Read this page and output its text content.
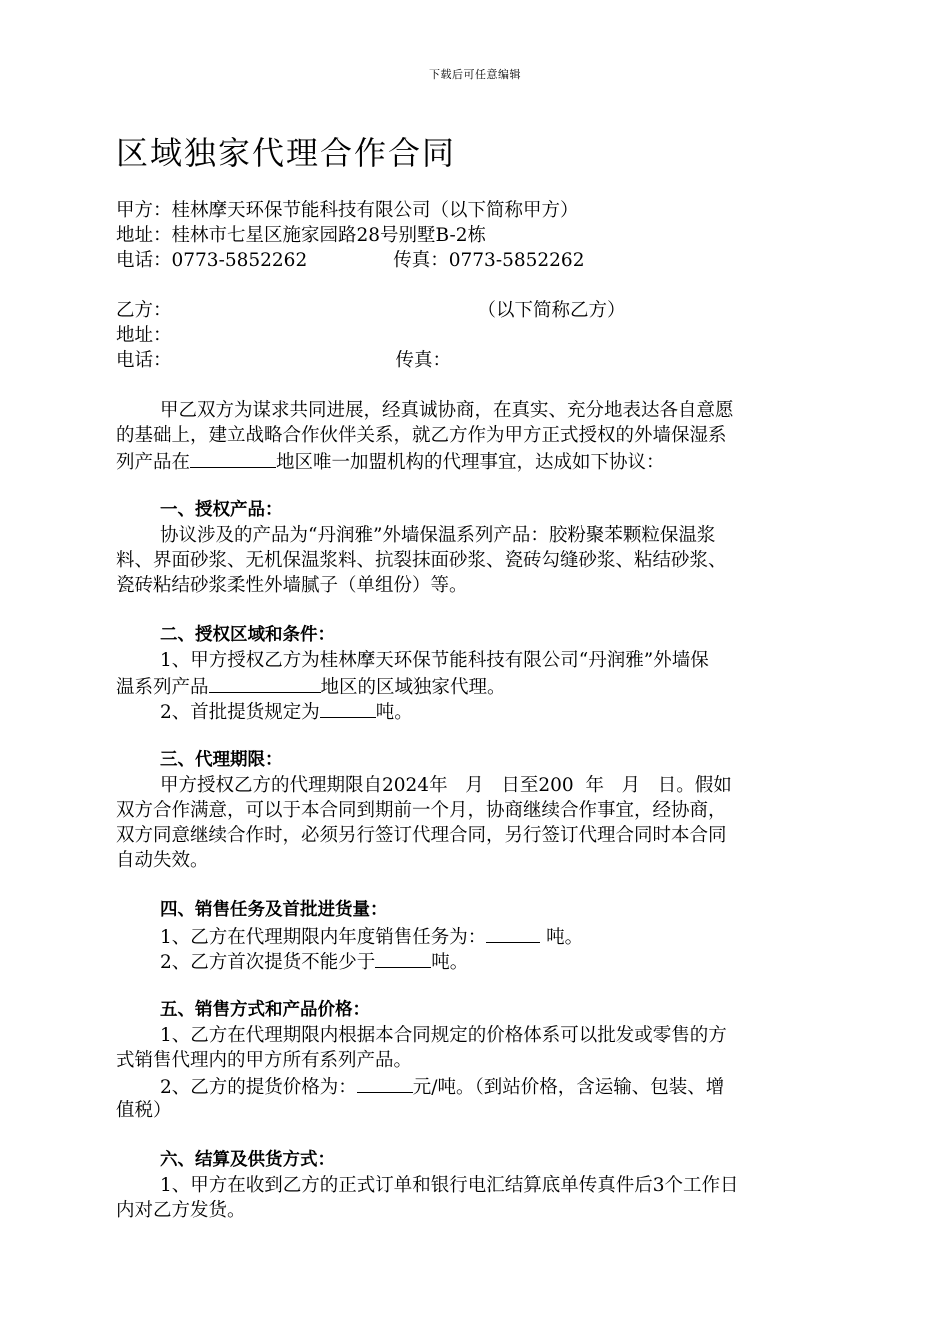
下载后可任意编辑
区域独家代理合作合同
甲方：桂林摩天环保节能科技有限公司（以下简称甲方）
地址：桂林市七星区施家园路28号别墅B-2栋
电话：0773-5852262	传真：0773-5852262
乙方：	（以下简称乙方）
地址：
电话：	传真：
甲乙双方为谋求共同进展，经真诚协商，在真实、充分地表达各自意愿
的基础上，建立战略合作伙伴关系，就乙方作为甲方正式授权的外墙保湿系
列产品在	地区唯一加盟机构的代理事宜，达成如下协议：
一、授权产品：
协议涉及的产品为“丹润雅”外墙保温系列产品：胶粉聚苯颗粒保温浆
料、界面砂浆、无机保温浆料、抗裂抹面砂浆、瓷砖勾缝砂浆、粘结砂浆、
瓷砖粘结砂浆柔性外墙腻子（单组份）等。
二、授权区域和条件：
1、甲方授权乙方为桂林摩天环保节能科技有限公司“丹润雅”外墙保
温系列产品	地区的区域独家代理。
2、首批提货规定为	吨。
三、代理期限：
甲方授权乙方的代理期限自2024年   月   日至200  年   月   日。假如
双方合作满意，可以于本合同到期前一个月，协商继续合作事宜，经协商，
双方同意继续合作时，必须另行签订代理合同，另行签订代理合同时本合同
自动失效。
四、销售任务及首批进货量：
1、乙方在代理期限内年度销售任务为：	吨。
2、乙方首次提货不能少于	吨。
五、销售方式和产品价格：
1、乙方在代理期限内根据本合同规定的价格体系可以批发或零售的方
式销售代理内的甲方所有系列产品。
2、乙方的提货价格为：	元/吨。（到站价格，含运输、包装、增
值税）
六、结算及供货方式：
1、甲方在收到乙方的正式订单和银行电汇结算底单传真件后3个工作日
内对乙方发货。
